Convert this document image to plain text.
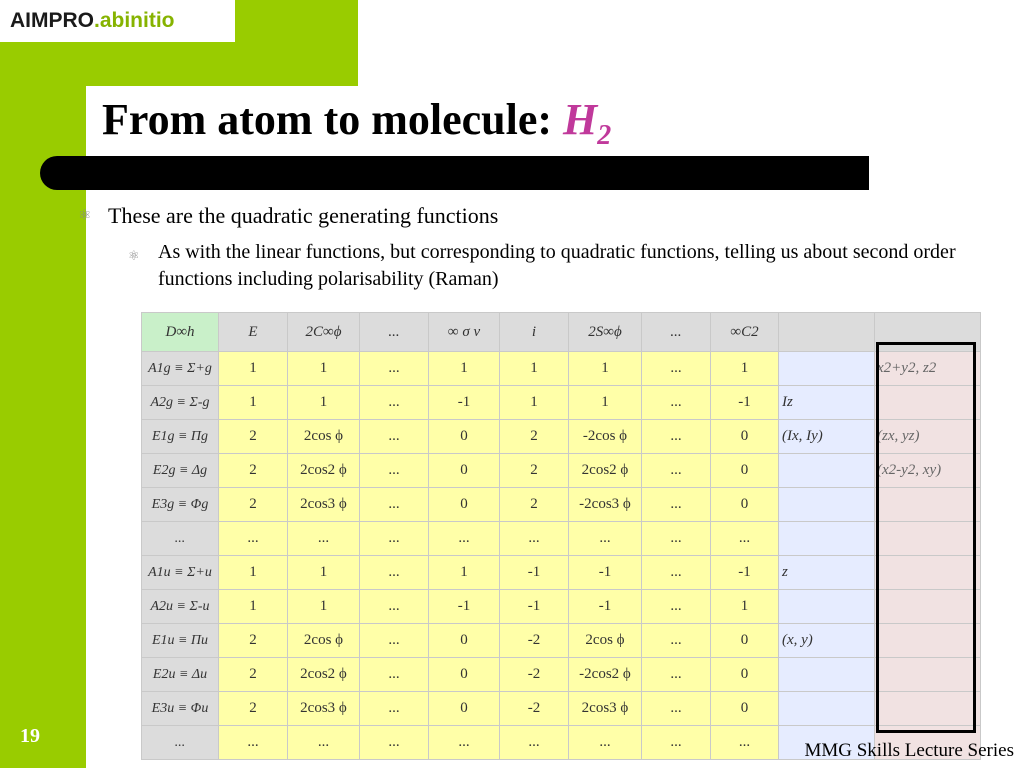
AIMPRO.abinitio
From atom to molecule: $H_2$
⚛ These are the quadratic generating functions
⚛ As with the linear functions, but corresponding to quadratic functions, telling us about second order functions including polarisability (Raman)
D∞h	E	2C∞ϕ	...	∞ σ v	i	2S∞ϕ	...	∞C2		
A1g ≡ Σ+g	1	1	...	1	1	1	...	1		x2+y2, z2
A2g ≡ Σ-g	1	1	...	-1	1	1	...	-1	Iz	
E1g ≡ Πg	2	2cos ϕ	...	0	2	-2cos ϕ	...	0	(Ix, Iy)	(zx, yz)
E2g ≡ Δg	2	2cos2 ϕ	...	0	2	2cos2 ϕ	...	0		(x2-y2, xy)
E3g ≡ Φg	2	2cos3 ϕ	...	0	2	-2cos3 ϕ	...	0		
...	...	...	...	...	...	...	...	...		
A1u ≡ Σ+u	1	1	...	1	-1	-1	...	-1	z	
A2u ≡ Σ-u	1	1	...	-1	-1	-1	...	1		
E1u ≡ Πu	2	2cos ϕ	...	0	-2	2cos ϕ	...	0	(x, y)	
E2u ≡ Δu	2	2cos2 ϕ	...	0	-2	-2cos2 ϕ	...	0		
E3u ≡ Φu	2	2cos3 ϕ	...	0	-2	2cos3 ϕ	...	0		
...	...	...	...	...	...	...	...	...		
19
MMG Skills Lecture Series
